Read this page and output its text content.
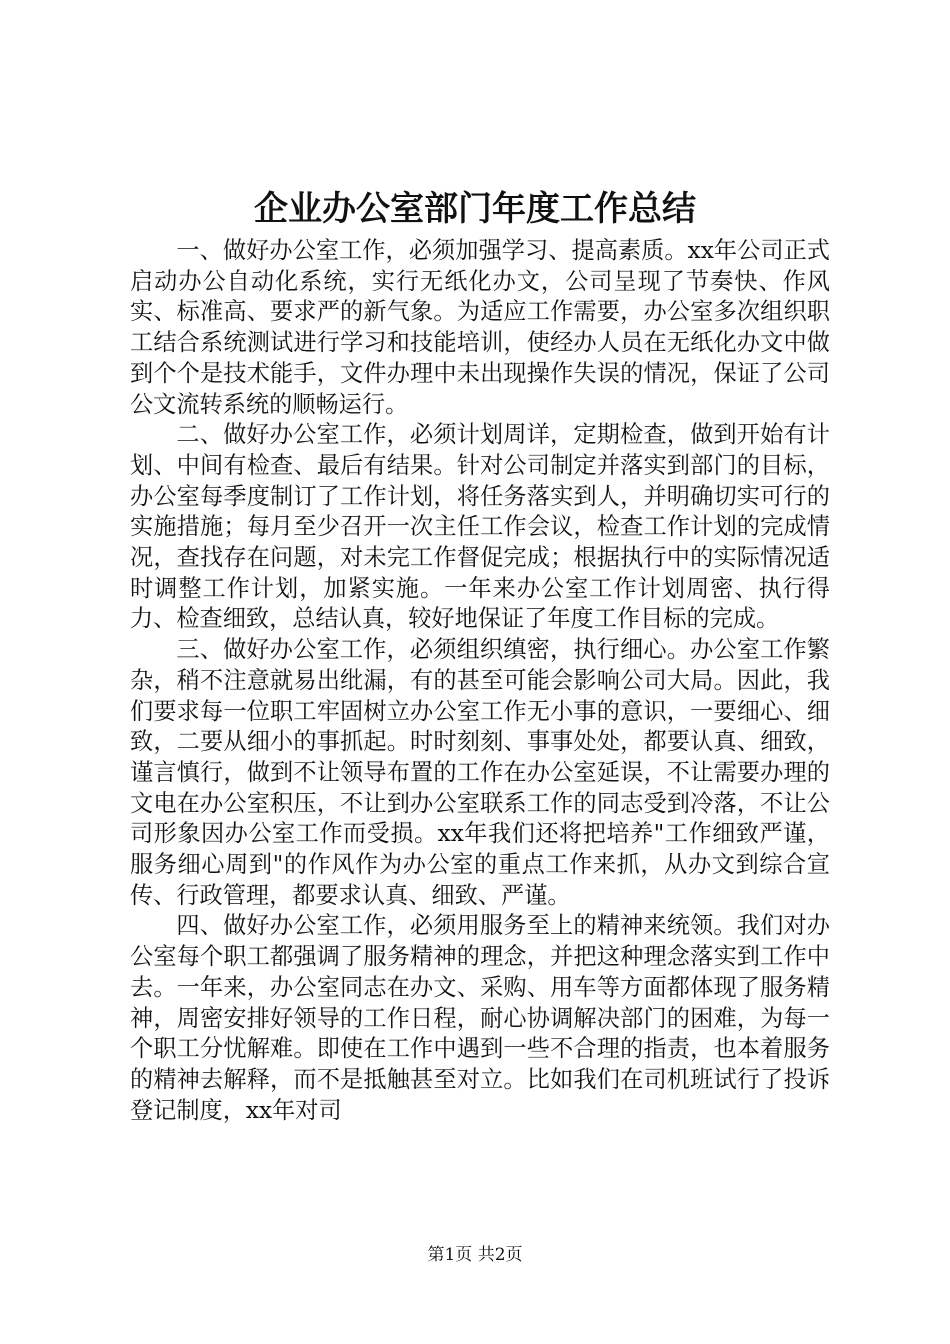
企业办公室部门年度工作总结

一、做好办公室工作，必须加强学习、提高素质。xx年公司正式启动办公自动化系统，实行无纸化办文，公司呈现了节奏快、作风实、标准高、要求严的新气象。为适应工作需要，办公室多次组织职工结合系统测试进行学习和技能培训，使经办人员在无纸化办文中做到个个是技术能手，文件办理中未出现操作失误的情况，保证了公司公文流转系统的顺畅运行。

二、做好办公室工作，必须计划周详，定期检查，做到开始有计划、中间有检查、最后有结果。针对公司制定并落实到部门的目标，办公室每季度制订了工作计划，将任务落实到人，并明确切实可行的实施措施；每月至少召开一次主任工作会议，检查工作计划的完成情况，查找存在问题，对未完工作督促完成；根据执行中的实际情况适时调整工作计划，加紧实施。一年来办公室工作计划周密、执行得力、检查细致，总结认真，较好地保证了年度工作目标的完成。

三、做好办公室工作，必须组织缜密，执行细心。办公室工作繁杂，稍不注意就易出纰漏，有的甚至可能会影响公司大局。因此，我们要求每一位职工牢固树立办公室工作无小事的意识，一要细心、细致，二要从细小的事抓起。时时刻刻、事事处处，都要认真、细致，谨言慎行，做到不让领导布置的工作在办公室延误，不让需要办理的文电在办公室积压，不让到办公室联系工作的同志受到冷落，不让公司形象因办公室工作而受损。xx年我们还将把培养"工作细致严谨，服务细心周到"的作风作为办公室的重点工作来抓，从办文到综合宣传、行政管理，都要求认真、细致、严谨。

四、做好办公室工作，必须用服务至上的精神来统领。我们对办公室每个职工都强调了服务精神的理念，并把这种理念落实到工作中去。一年来，办公室同志在办文、采购、用车等方面都体现了服务精神，周密安排好领导的工作日程，耐心协调解决部门的困难，为每一个职工分忧解难。即使在工作中遇到一些不合理的指责，也本着服务的精神去解释，而不是抵触甚至对立。比如我们在司机班试行了投诉登记制度，xx年对司

第1页 共2页
